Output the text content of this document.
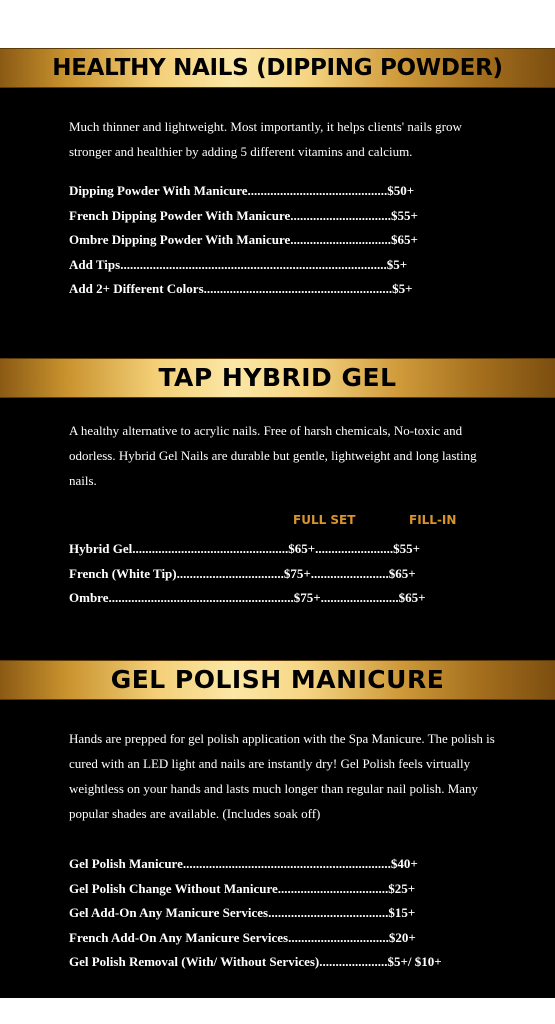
HEALTHY NAILS (DIPPING POWDER)
Much thinner and lightweight. Most importantly, it helps clients' nails grow stronger and healthier by adding 5 different vitamins and calcium.
Dipping Powder With Manicure...........................................$50+
French Dipping Powder With Manicure...............................$55+
Ombre Dipping Powder With Manicure...............................$65+
Add Tips..................................................................................$5+
Add 2+ Different Colors..........................................................$5+
TAP HYBRID GEL
A healthy alternative to acrylic nails. Free of harsh chemicals, No-toxic and odorless. Hybrid Gel Nails are durable but gentle, lightweight and long lasting nails.
FULL SET	FILL-IN
Hybrid Gel................................................$65+........................$55+
French (White Tip).................................$75+........................$65+
Ombre.........................................................$75+........................$65+
GEL POLISH MANICURE
Hands are prepped for gel polish application with the Spa Manicure. The polish is cured with an LED light and nails are instantly dry! Gel Polish feels virtually weightless on your hands and lasts much longer than regular nail polish. Many popular shades are available. (Includes soak off)
Gel Polish Manicure................................................................$40+
Gel Polish Change Without Manicure..................................$25+
Gel Add-On Any Manicure Services.....................................$15+
French Add-On Any Manicure Services...............................$20+
Gel Polish Removal (With/ Without Services).....................$5+/ $10+
